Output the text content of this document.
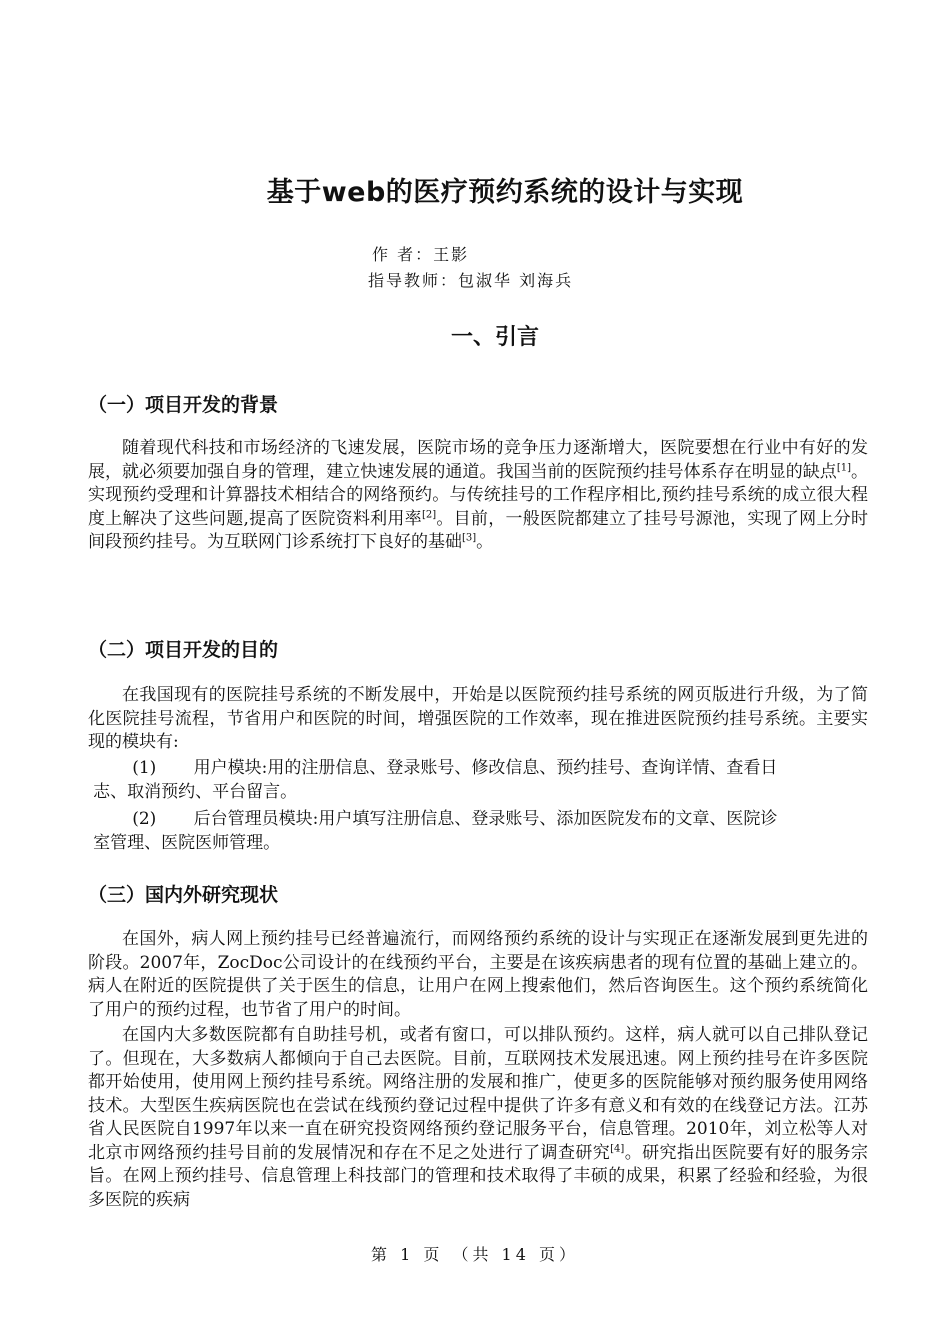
基于web的医疗预约系统的设计与实现
作 者：王影
指导教师：包淑华 刘海兵
一、引言
（一）项目开发的背景
随着现代科技和市场经济的飞速发展，医院市场的竞争压力逐渐增大，医院要想在行业中有好的发展，就必须要加强自身的管理，建立快速发展的通道。我国当前的医院预约挂号体系存在明显的缺点[1]。实现预约受理和计算器技术相结合的网络预约。与传统挂号的工作程序相比,预约挂号系统的成立很大程度上解决了这些问题,提高了医院资料利用率[2]。目前，一般医院都建立了挂号号源池，实现了网上分时间段预约挂号。为互联网门诊系统打下良好的基础[3]。
（二）项目开发的目的
在我国现有的医院挂号系统的不断发展中，开始是以医院预约挂号系统的网页版进行升级，为了简化医院挂号流程，节省用户和医院的时间，增强医院的工作效率，现在推进医院预约挂号系统。主要实现的模块有:
(1) 用户模块:用的注册信息、登录账号、修改信息、预约挂号、查询详情、查看日
志、取消预约、平台留言。
(2) 后台管理员模块:用户填写注册信息、登录账号、添加医院发布的文章、医院诊
室管理、医院医师管理。
（三）国内外研究现状
在国外，病人网上预约挂号已经普遍流行，而网络预约系统的设计与实现正在逐渐发展到更先进的阶段。2007年，ZocDoc公司设计的在线预约平台，主要是在该疾病患者的现有位置的基础上建立的。病人在附近的医院提供了关于医生的信息，让用户在网上搜索他们，然后咨询医生。这个预约系统简化了用户的预约过程，也节省了用户的时间。
在国内大多数医院都有自助挂号机，或者有窗口，可以排队预约。这样，病人就可以自己排队登记了。但现在，大多数病人都倾向于自己去医院。目前，互联网技术发展迅速。网上预约挂号在许多医院都开始使用，使用网上预约挂号系统。网络注册的发展和推广，使更多的医院能够对预约服务使用网络技术。大型医生疾病医院也在尝试在线预约登记过程中提供了许多有意义和有效的在线登记方法。江苏省人民医院自1997年以来一直在研究投资网络预约登记服务平台，信息管理。2010年，刘立松等人对北京市网络预约挂号目前的发展情况和存在不足之处进行了调查研究[4]。研究指出医院要有好的服务宗旨。在网上预约挂号、信息管理上科技部门的管理和技术取得了丰硕的成果，积累了经验和经验，为很多医院的疾病
第 1 页 （共 14 页）
